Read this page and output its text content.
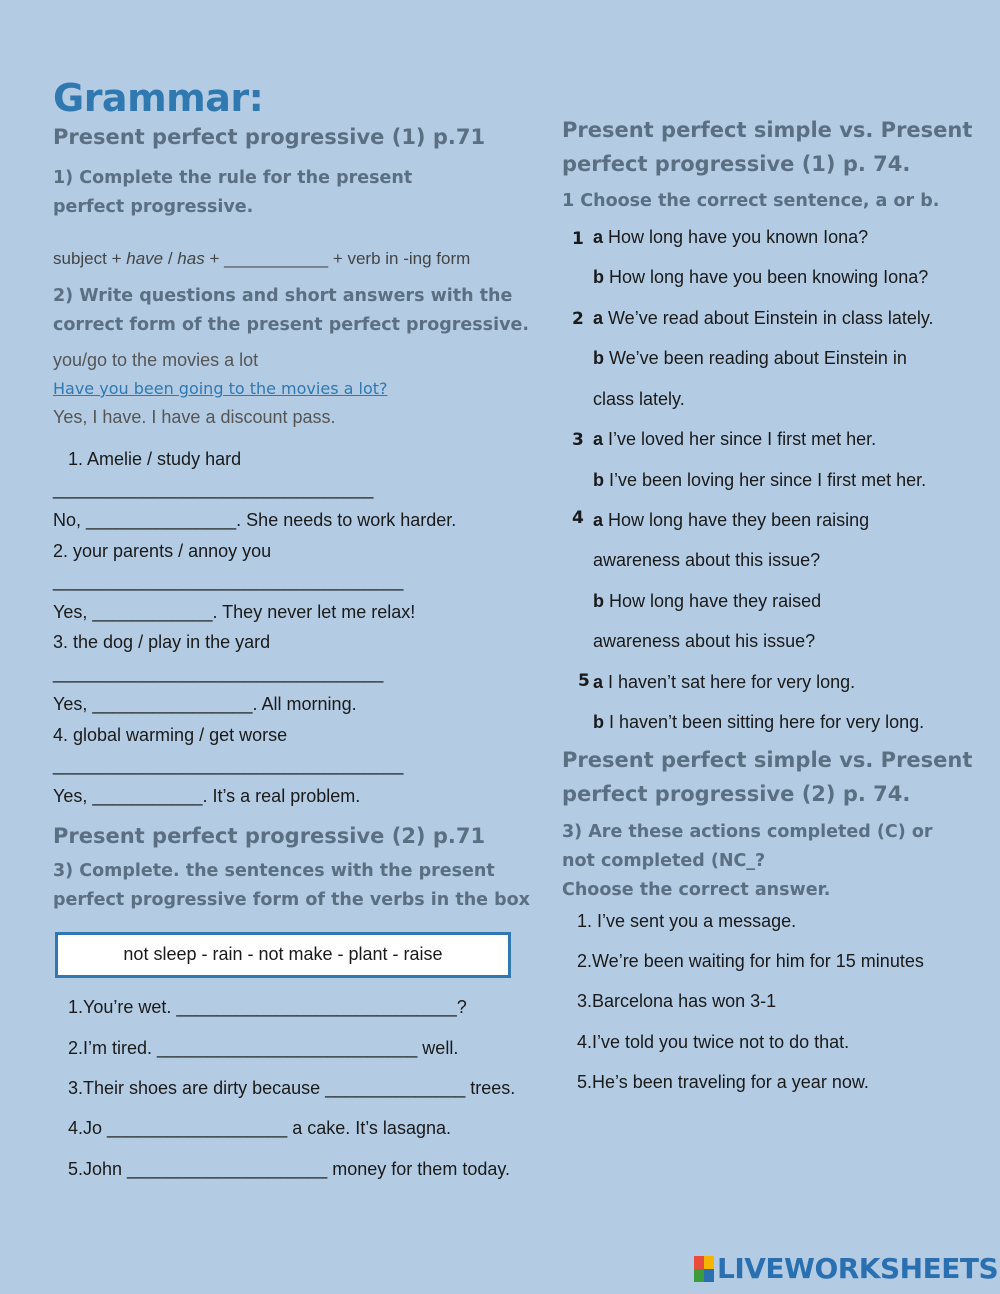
Grammar:
Present perfect progressive (1) p.71
1) Complete the rule for the present
perfect progressive.
subject + have / has + ___________ + verb in -ing form
2) Write questions and short answers with the
correct form of the present perfect progressive.
you/go to the movies a lot
Have you been going to the movies a lot?
Yes, I have. I have a discount pass.
1. Amelie / study hard
________________________________
No, _______________. She needs to work harder.
2. your parents / annoy you
___________________________________
Yes, ____________. They never let me relax!
3. the dog / play in the yard
_________________________________
Yes, ________________. All morning.
4. global warming / get worse
___________________________________
Yes, ___________. It’s a real problem.
Present perfect progressive (2) p.71
3) Complete. the sentences with the present
perfect progressive form of the verbs in the box
not sleep - rain - not make - plant - raise
1.You’re wet. ____________________________?
2.I’m tired. __________________________ well.
3.Their shoes are dirty because ______________ trees.
4.Jo __________________ a cake. It’s lasagna.
5.John ____________________ money for them today.
Present perfect simple vs. Present
perfect progressive (1) p. 74.
1 Choose the correct sentence, a or b.
1 a How long have you known Iona?
b How long have you been knowing Iona?
2 a We’ve read about Einstein in class lately.
b We’ve been reading about Einstein in
class lately.
3 a I’ve loved her since I first met her.
b I’ve been loving her since I first met her.
4 a How long have they been raising
awareness about this issue?
b How long have they raised
awareness about his issue?
5 a I haven’t sat here for very long.
b I haven’t been sitting here for very long.
Present perfect simple vs. Present
perfect progressive (2) p. 74.
3) Are these actions completed (C) or
not completed (NC_?
Choose the correct answer.
1. I’ve sent you a message.
2.We’re been waiting for him for 15 minutes
3.Barcelona has won 3-1
4.I’ve told you twice not to do that.
5.He’s been traveling for a year now.
LIVEWORKSHEETS
